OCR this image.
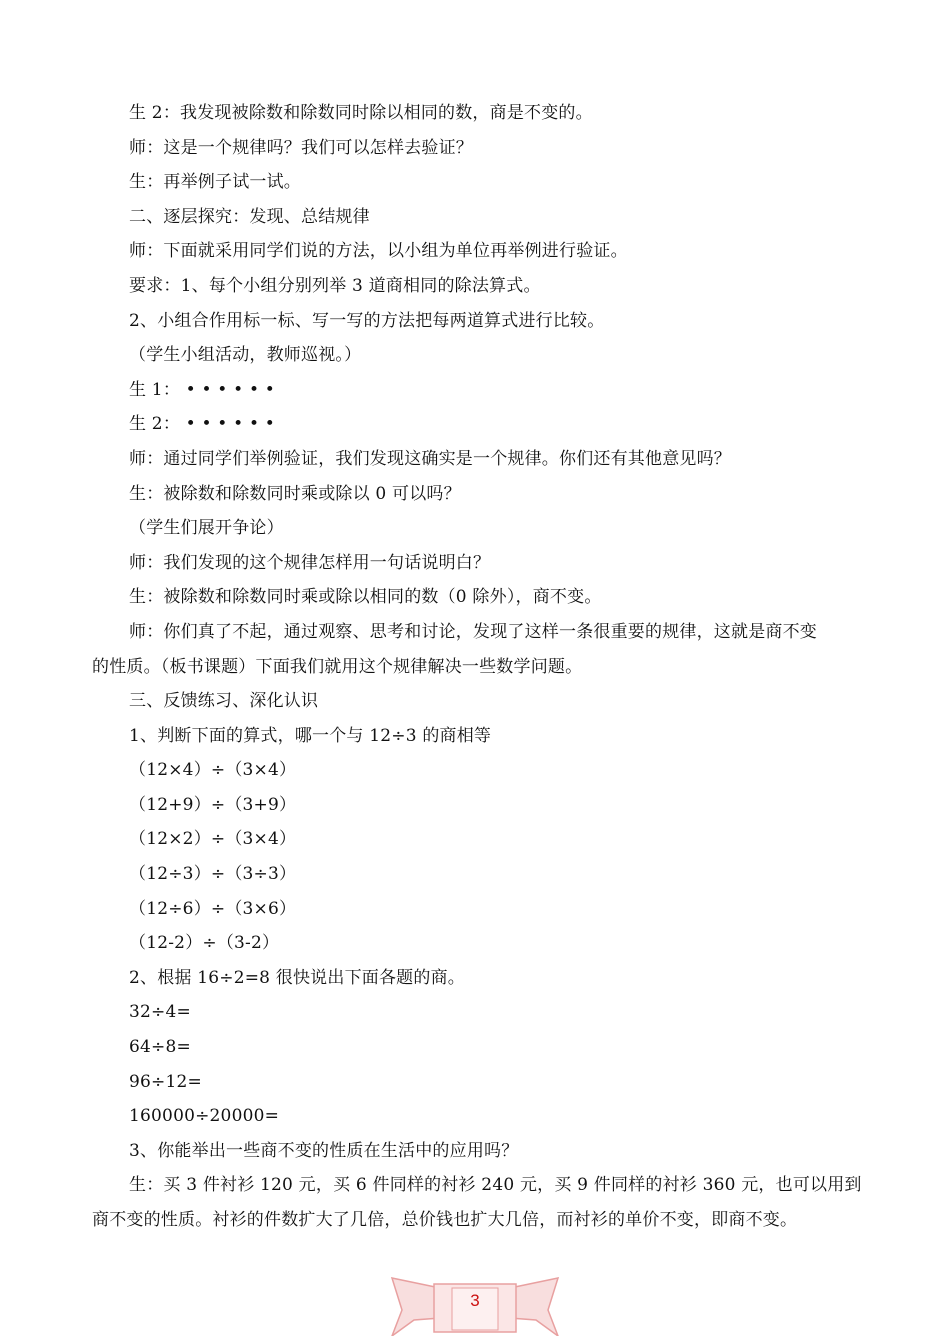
生 2：我发现被除数和除数同时除以相同的数，商是不变的。
师：这是一个规律吗？我们可以怎样去验证？
生：再举例子试一试。
二、逐层探究：发现、总结规律
师：下面就采用同学们说的方法，以小组为单位再举例进行验证。
要求：1、每个小组分别列举 3 道商相同的除法算式。
2、小组合作用标一标、写一写的方法把每两道算式进行比较。
（学生小组活动，教师巡视。）
生 1： • • • • • •
生 2： • • • • • •
师：通过同学们举例验证，我们发现这确实是一个规律。你们还有其他意见吗？
生：被除数和除数同时乘或除以 0 可以吗？
（学生们展开争论）
师：我们发现的这个规律怎样用一句话说明白？
生：被除数和除数同时乘或除以相同的数（0 除外），商不变。
师：你们真了不起，通过观察、思考和讨论，发现了这样一条很重要的规律，这就是商不变
的性质。（板书课题）下面我们就用这个规律解决一些数学问题。
三、反馈练习、深化认识
1、判断下面的算式，哪一个与 12÷3 的商相等
（12×4）÷（3×4）
（12+9）÷（3+9）
（12×2）÷（3×4）
（12÷3）÷（3÷3）
（12÷6）÷（3×6）
（12-2）÷（3-2）
2、根据 16÷2=8 很快说出下面各题的商。
32÷4=
64÷8=
96÷12=
160000÷20000=
3、你能举出一些商不变的性质在生活中的应用吗？
生：买 3 件衬衫 120 元，买 6 件同样的衬衫 240 元，买 9 件同样的衬衫 360 元，也可以用到
商不变的性质。衬衫的件数扩大了几倍，总价钱也扩大几倍，而衬衫的单价不变，即商不变。
3
